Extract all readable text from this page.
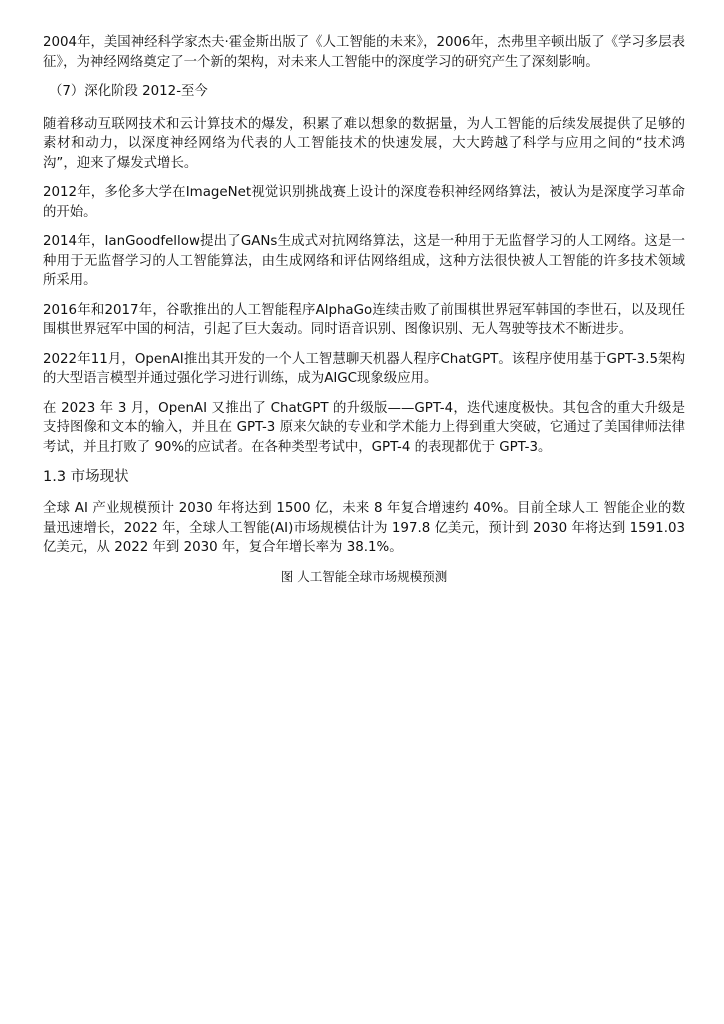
2004年，美国神经科学家杰夫·霍金斯出版了《人工智能的未来》，2006年，杰弗里辛顿出版了《学习多层表征》，为神经网络奠定了一个新的架构，对未来人工智能中的深度学习的研究产生了深刻影响。

（7）深化阶段 2012-至今

随着移动互联网技术和云计算技术的爆发，积累了难以想象的数据量，为人工智能的后续发展提供了足够的素材和动力，以深度神经网络为代表的人工智能技术的快速发展，大大跨越了科学与应用之间的“技术鸿沟”，迎来了爆发式增长。

2012年，多伦多大学在ImageNet视觉识别挑战赛上设计的深度卷积神经网络算法，被认为是深度学习革命的开始。

2014年，IanGoodfellow提出了GANs生成式对抗网络算法，这是一种用于无监督学习的人工网络。这是一种用于无监督学习的人工智能算法，由生成网络和评估网络组成，这种方法很快被人工智能的许多技术领域所采用。

2016年和2017年，谷歌推出的人工智能程序AlphaGo连续击败了前围棋世界冠军韩国的李世石，以及现任围棋世界冠军中国的柯洁，引起了巨大轰动。同时语音识别、图像识别、无人驾驶等技术不断进步。

2022年11月，OpenAI推出其开发的一个人工智慧聊天机器人程序ChatGPT。该程序使用基于GPT-3.5架构的大型语言模型并通过强化学习进行训练，成为AIGC现象级应用。

在 2023 年 3 月，OpenAI 又推出了 ChatGPT 的升级版——GPT-4，迭代速度极快。其包含的重大升级是支持图像和文本的输入，并且在 GPT-3 原来欠缺的专业和学术能力上得到重大突破，它通过了美国律师法律考试，并且打败了 90%的应试者。在各种类型考试中，GPT-4 的表现都优于 GPT-3。

1.3 市场现状

全球 AI 产业规模预计 2030 年将达到 1500 亿，未来 8 年复合增速约 40%。目前全球人工 智能企业的数量迅速增长，2022 年，全球人工智能(AI)市场规模估计为 197.8 亿美元，预计到 2030 年将达到 1591.03 亿美元，从 2022 年到 2030 年，复合年增长率为 38.1%。

图 人工智能全球市场规模预测
